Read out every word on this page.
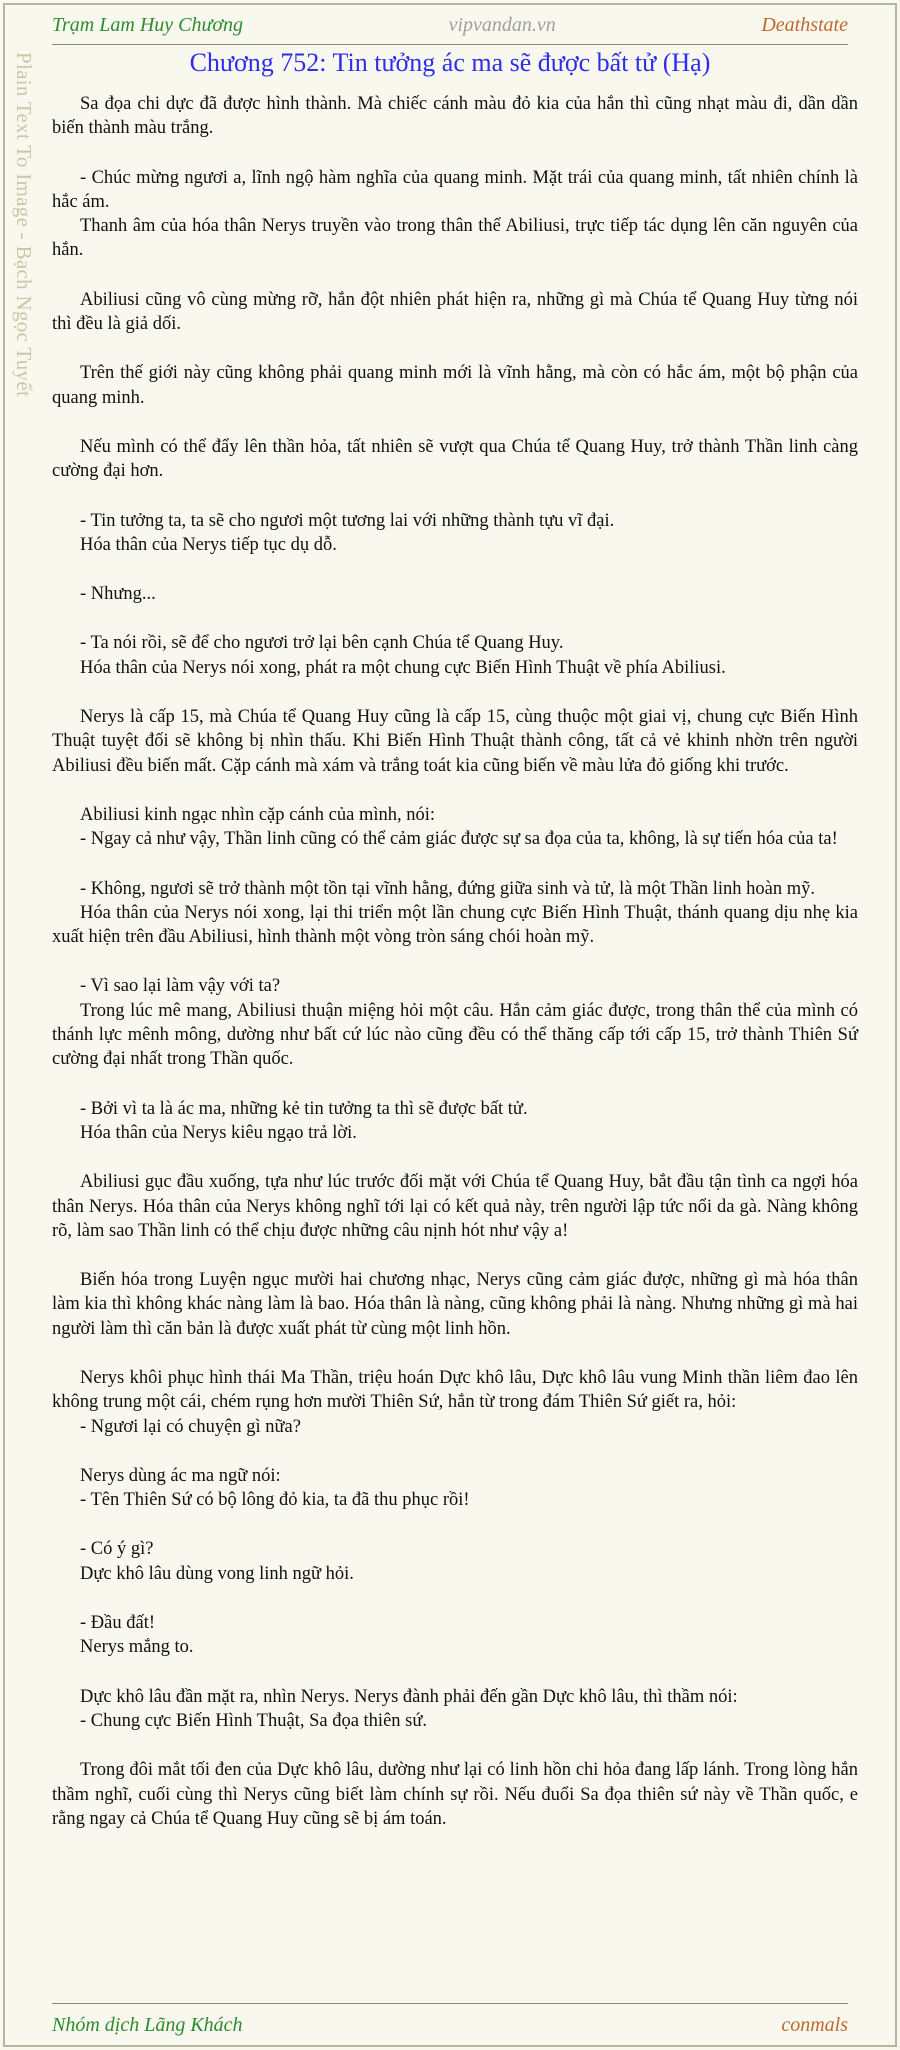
Trạm Lam Huy Chương	vipvandan.vn	Deathstate
Plain Text To Image - Bạch Ngọc Tuyết	Chương 752: Tin tưởng ác ma sẽ được bất tử (Hạ)

Sa đọa chi dực đã được hình thành. Mà chiếc cánh màu đỏ kia của hắn thì cũng nhạt màu đi, dần dần biến thành màu trắng.

- Chúc mừng ngươi a, lĩnh ngộ hàm nghĩa của quang minh. Mặt trái của quang minh, tất nhiên chính là hắc ám.

Thanh âm của hóa thân Nerys truyền vào trong thân thể Abiliusi, trực tiếp tác dụng lên căn nguyên của hắn.

Abiliusi cũng vô cùng mừng rỡ, hắn đột nhiên phát hiện ra, những gì mà Chúa tể Quang Huy từng nói thì đều là giả dối.

Trên thế giới này cũng không phải quang minh mới là vĩnh hằng, mà còn có hắc ám, một bộ phận của quang minh.

Nếu mình có thể đẩy lên thần hỏa, tất nhiên sẽ vượt qua Chúa tể Quang Huy, trở thành Thần linh càng cường đại hơn.

- Tin tưởng ta, ta sẽ cho ngươi một tương lai với những thành tựu vĩ đại.

Hóa thân của Nerys tiếp tục dụ dỗ.

- Nhưng...

- Ta nói rồi, sẽ để cho ngươi trở lại bên cạnh Chúa tể Quang Huy.

Hóa thân của Nerys nói xong, phát ra một chung cực Biến Hình Thuật về phía Abiliusi.

Nerys là cấp 15, mà Chúa tể Quang Huy cũng là cấp 15, cùng thuộc một giai vị, chung cực Biến Hình Thuật tuyệt đối sẽ không bị nhìn thấu. Khi Biến Hình Thuật thành công, tất cả vẻ khinh nhờn trên người Abiliusi đều biến mất. Cặp cánh mà xám và trắng toát kia cũng biến về màu lửa đỏ giống khi trước.

Abiliusi kinh ngạc nhìn cặp cánh của mình, nói:

- Ngay cả như vậy, Thần linh cũng có thể cảm giác được sự sa đọa của ta, không, là sự tiến hóa của ta!

- Không, ngươi sẽ trở thành một tồn tại vĩnh hằng, đứng giữa sinh và tử, là một Thần linh hoàn mỹ.

Hóa thân của Nerys nói xong, lại thi triển một lần chung cực Biến Hình Thuật, thánh quang dịu nhẹ kia xuất hiện trên đầu Abiliusi, hình thành một vòng tròn sáng chói hoàn mỹ.

- Vì sao lại làm vậy với ta?

Trong lúc mê mang, Abiliusi thuận miệng hỏi một câu. Hắn cảm giác được, trong thân thể của mình có thánh lực mênh mông, dường như bất cứ lúc nào cũng đều có thể thăng cấp tới cấp 15, trở thành Thiên Sứ cường đại nhất trong Thần quốc.

- Bởi vì ta là ác ma, những kẻ tin tưởng ta thì sẽ được bất tử.

Hóa thân của Nerys kiêu ngạo trả lời.

Abiliusi gục đầu xuống, tựa như lúc trước đối mặt với Chúa tể Quang Huy, bắt đầu tận tình ca ngợi hóa thân Nerys. Hóa thân của Nerys không nghĩ tới lại có kết quả này, trên người lập tức nổi da gà. Nàng không rõ, làm sao Thần linh có thể chịu được những câu nịnh hót như vậy a!

Biến hóa trong Luyện ngục mười hai chương nhạc, Nerys cũng cảm giác được, những gì mà hóa thân làm kia thì không khác nàng làm là bao. Hóa thân là nàng, cũng không phải là nàng. Nhưng những gì mà hai người làm thì căn bản là được xuất phát từ cùng một linh hồn.

Nerys khôi phục hình thái Ma Thần, triệu hoán Dực khô lâu, Dực khô lâu vung Minh thần liêm đao lên không trung một cái, chém rụng hơn mười Thiên Sứ, hắn từ trong đám Thiên Sứ giết ra, hỏi:

- Ngươi lại có chuyện gì nữa?

Nerys dùng ác ma ngữ nói:

- Tên Thiên Sứ có bộ lông đỏ kia, ta đã thu phục rồi!

- Có ý gì?

Dực khô lâu dùng vong linh ngữ hỏi.

- Đầu đất!

Nerys mắng to.

Dực khô lâu đần mặt ra, nhìn Nerys. Nerys đành phải đến gần Dực khô lâu, thì thầm nói:

- Chung cực Biến Hình Thuật, Sa đọa thiên sứ.

Trong đôi mắt tối đen của Dực khô lâu, dường như lại có linh hồn chi hỏa đang lấp lánh. Trong lòng hắn thầm nghĩ, cuối cùng thì Nerys cũng biết làm chính sự rồi. Nếu đuổi Sa đọa thiên sứ này về Thần quốc, e rằng ngay cả Chúa tể Quang Huy cũng sẽ bị ám toán.

Nhóm dịch Lãng Khách	conmals
